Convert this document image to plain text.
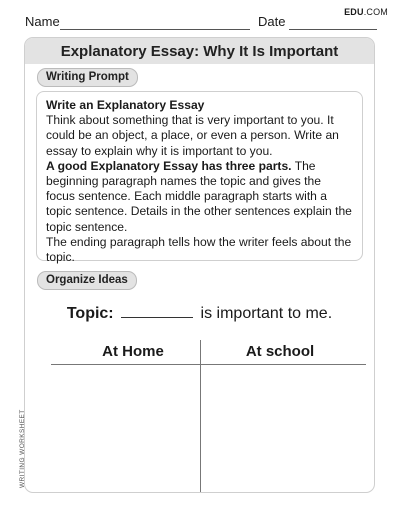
Name	Date
EDU.COM
Explanatory Essay: Why It Is Important
Writing Prompt

Write an Explanatory Essay

Think about something that is very important to you. It could be an object, a place, or even a person. Write an essay to explain why it is important to you.

A good Explanatory Essay has three parts. The beginning paragraph names the topic and gives the focus sentence. Each middle paragraph starts with a topic sentence. Details in the other sentences explain the topic sentence.

The ending paragraph tells how the writer feels about the topic.

Organize Ideas
Topic:	is important to me.
At Home	At school
WRITING WORKSHEET
